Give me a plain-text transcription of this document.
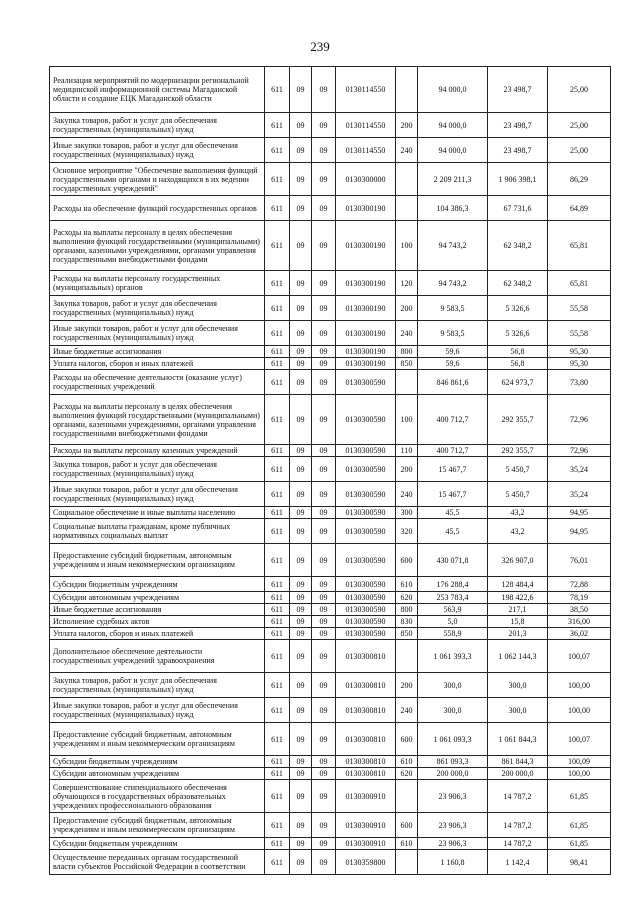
239
Реализация мероприятий по модернизации региональной медицинской информационной системы Магаданской области и создание ЕЦК Магаданской области	611	09	09	0130114550		94 000,0	23 498,7	25,00
Закупка товаров, работ и услуг для обеспечения государственных (муниципальных) нужд	611	09	09	0130114550	200	94 000,0	23 498,7	25,00
Иные закупки товаров, работ и услуг для обеспечения государственных (муниципальных) нужд	611	09	09	0130114550	240	94 000,0	23 498,7	25,00
Основное мероприятие "Обеспечение выполнения функций государственными органами и находящихся в их ведении государственных учреждений"	611	09	09	0130300000		2 209 211,3	1 906 398,1	86,29
Расходы на обеспечение функций государственных органов	611	09	09	0130300190		104 386,3	67 731,6	64,89
Расходы на выплаты персоналу в целях обеспечения выполнения функций государственными (муниципальными) органами, казенными учреждениями, органами управления государственными внебюджетными фондами	611	09	09	0130300190	100	94 743,2	62 348,2	65,81
Расходы на выплаты персоналу государственных (муниципальных) органов	611	09	09	0130300190	120	94 743,2	62 348,2	65,81
Закупка товаров, работ и услуг для обеспечения государственных (муниципальных) нужд	611	09	09	0130300190	200	9 583,5	5 326,6	55,58
Иные закупки товаров, работ и услуг для обеспечения государственных (муниципальных) нужд	611	09	09	0130300190	240	9 583,5	5 326,6	55,58
Иные бюджетные ассигнования	611	09	09	0130300190	800	59,6	56,8	95,30
Уплата налогов, сборов и иных платежей	611	09	09	0130300190	850	59,6	56,8	95,30
Расходы на обеспечение деятельности (оказание услуг) государственных учреждений	611	09	09	0130300590		846 861,6	624 973,7	73,80
Расходы на выплаты персоналу в целях обеспечения выполнения функций государственными (муниципальными) органами, казенными учреждениями, органами управления государственными внебюджетными фондами	611	09	09	0130300590	100	400 712,7	292 355,7	72,96
Расходы на выплаты персоналу казенных учреждений	611	09	09	0130300590	110	400 712,7	292 355,7	72,96
Закупка товаров, работ и услуг для обеспечения государственных (муниципальных) нужд	611	09	09	0130300590	200	15 467,7	5 450,7	35,24
Иные закупки товаров, работ и услуг для обеспечения государственных (муниципальных) нужд	611	09	09	0130300590	240	15 467,7	5 450,7	35,24
Социальное обеспечение и иные выплаты населению	611	09	09	0130300590	300	45,5	43,2	94,95
Социальные выплаты гражданам, кроме публичных нормативных социальных выплат	611	09	09	0130300590	320	45,5	43,2	94,95
Предоставление субсидий бюджетным, автономным учреждениям и иным некоммерческим организациям	611	09	09	0130300590	600	430 071,8	326 907,0	76,01
Субсидии бюджетным учреждениям	611	09	09	0130300590	610	176 288,4	128 484,4	72,88
Субсидии автономным учреждениям	611	09	09	0130300590	620	253 783,4	198 422,6	78,19
Иные бюджетные ассигнования	611	09	09	0130300590	800	563,9	217,1	38,50
Исполнение судебных актов	611	09	09	0130300590	830	5,0	15,8	316,00
Уплата налогов, сборов и иных платежей	611	09	09	0130300590	850	558,9	201,3	36,02
Дополнительное обеспечение деятельности государственных учреждений здравоохранения	611	09	09	0130300810		1 061 393,3	1 062 144,3	100,07
Закупка товаров, работ и услуг для обеспечения государственных (муниципальных) нужд	611	09	09	0130300810	200	300,0	300,0	100,00
Иные закупки товаров, работ и услуг для обеспечения государственных (муниципальных) нужд	611	09	09	0130300810	240	300,0	300,0	100,00
Предоставление субсидий бюджетным, автономным учреждениям и иным некоммерческим организациям	611	09	09	0130300810	600	1 061 093,3	1 061 844,3	100,07
Субсидии бюджетным учреждениям	611	09	09	0130300810	610	861 093,3	861 844,3	100,09
Субсидии автономным учреждениям	611	09	09	0130300810	620	200 000,0	200 000,0	100,00
Совершенствование стипендиального обеспечения обучающихся в государственных образовательных учреждениях профессионального образования	611	09	09	0130300910		23 906,3	14 787,2	61,85
Предоставление субсидий бюджетным, автономным учреждениям и иным некоммерческим организациям	611	09	09	0130300910	600	23 906,3	14 787,2	61,85
Субсидии бюджетным учреждениям	611	09	09	0130300910	610	23 906,3	14 787,2	61,85
Осуществление переданных органам государственной власти субъектов Российской Федерации в соответствии	611	09	09	0130359800		1 160,8	1 142,4	98,41
